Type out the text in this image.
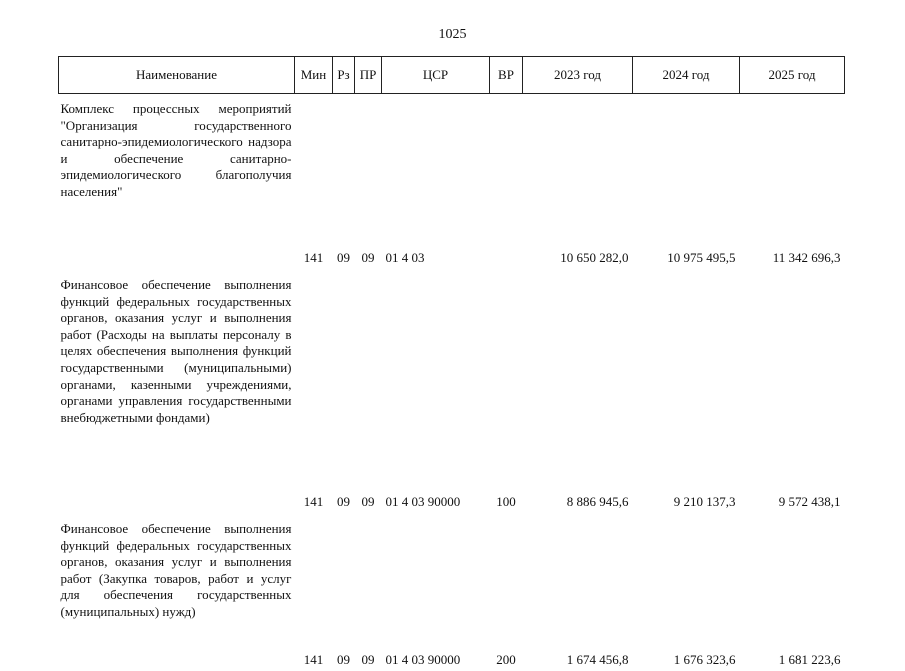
1025
Наименование	Мин	Рз	ПР	ЦСР	ВР	2023 год	2024 год	2025 год
Комплекс процессных мероприятий "Организация государственного санитарно-эпидемиологического надзора и обеспечение санитарно-эпидемиологического благополучия населения"	141	09	09	01 4 03		10 650 282,0	10 975 495,5	11 342 696,3
Финансовое обеспечение выполнения функций федеральных государственных органов, оказания услуг и выполнения работ (Расходы на выплаты персоналу в целях обеспечения выполнения функций государственными (муниципальными) органами, казенными учреждениями, органами управления государственными внебюджетными фондами)	141	09	09	01 4 03 90000	100	8 886 945,6	9 210 137,3	9 572 438,1
Финансовое обеспечение выполнения функций федеральных государственных органов, оказания услуг и выполнения работ (Закупка товаров, работ и услуг для обеспечения государственных (муниципальных) нужд)	141	09	09	01 4 03 90000	200	1 674 456,8	1 676 323,6	1 681 223,6
